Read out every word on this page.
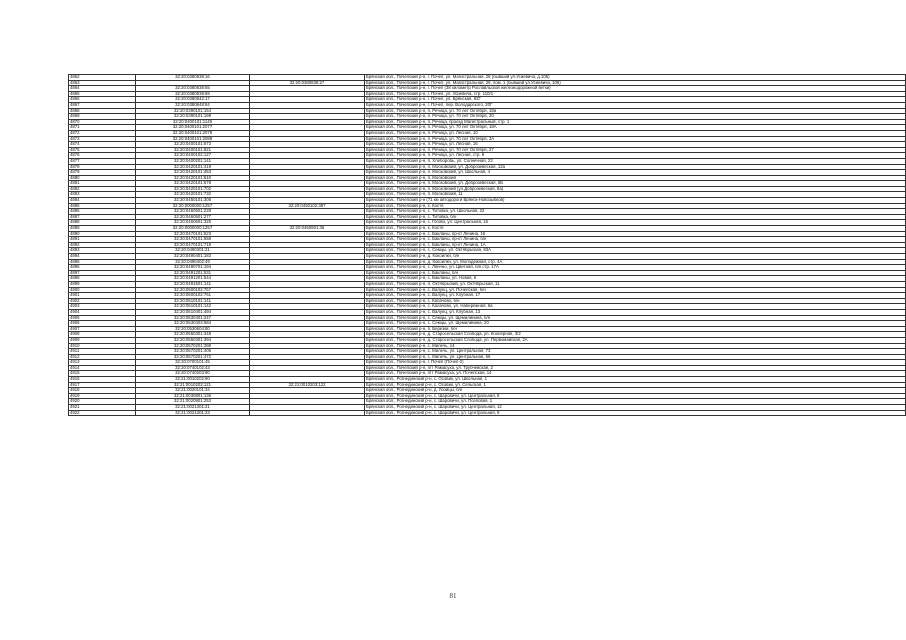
4862	32:20:0380838:16		Брянская обл., Почепский р-н, г. Почеп, ул. Магистральная, 28 (бывший ул.Усиевича, д.106)
4863		32:20:0380838:27	Брянская обл., Почепский р-н, г. Почеп, ул. Магистральная, 28, пом. 1 (бывший ул.Усиевича, 106)
4864	32:20:0380838:65		Брянская обл., Почепский р-н, г. Почеп (38 километр Рославльской железнодорожной ветки)
4865	32:20:0380839:69		Брянская обл., Почепский р-н, г. Почеп, ул. Усиевича, стр. 110/1
4866	32:20:0380842:17		Брянская обл., Почепский р-н, г. Почеп, ул. Брянская, 92Г
4867	32:20:0380848:84		Брянская обл., Почепский р-н, г. Почеп, пер. Володарского, 20Г
4868	32:20:0390101:154		Брянская обл., Почепский р-н, п. Речица, ул. 70 лет Октября, 18а
4869	32:20:0390101:198		Брянская обл., Почепский р-н, п. Речица, ул. 70 лет Октября, 20
4870	32:20:0400101:1149		Брянская обл., Почепский р-н, п. Речица, проезд Магистральный, стр. 1
4871	32:20:0400101:2077		Брянская обл., Почепский р-н, п. Речица, ул. 70 лет Октября, 18А
4872	32:20:0400101:2078		Брянская обл., Почепский р-н, п. Речица, ул. Лесная, 10
4873	32:20:0400101:2088		Брянская обл., Почепский р-н, п. Речица, ул. 70 лет Октября, 3А
4874	32:20:0400101:673		Брянская обл., Почепский р-н, п. Речица, ул. Лесная, 16
4875	32:20:0400101:821		Брянская обл., Почепский р-н, п. Речица, ул. 70 лет Октября, 27
4876	32:20:0400102:127		Брянская обл., Почепский р-н, п. Речица, ул. Лесная, стр. 8
4877	32:20:0400201:141		Брянская обл., Почепский р-н, п. Хлеборобь, ул. Солнечная, 23
4878	32:20:0420101:419		Брянская обл., Почепский р-н, п. Московский, ул. Доброзевеская, 12а
4879	32:20:0420101:453		Брянская обл., Почепский р-н, п. Московский, ул. Школьная, 4
4880	32:20:0420101:510		Брянская обл., Почепский р-н, п. Московский
4881	32:20:0420101:678		Брянская обл., Почепский р-н, п. Московский, ул. Доброзевеская, 5Б
4882	32:20:0420101:702		Брянская обл., Почепский р-н, п. Московский (ул.Доброзевеская, 8а)
4883	32:20:0420101:732		Брянская обл., Почепский р-н, п. Московский, 11
4884	32:20:0450101:308		Брянская обл., Почепский р-н (71 км автодороги Брянск-Новозыбков)
4885	32:20:0000000:1257	32:20:0450102:387	Брянская обл., Почепский р-н, х. Костя
4886	32:20:0460501:228		Брянская обл., Почепский р-н, с. Титовка, ул. Школьная, 22
4887	32:20:0460501:277		Брянская обл., Почепский р-н, с. Титовка, б/н
4888	32:20:0460601:325		Брянская обл., Почепский р-н, с. Гогово, ул. Центральная, 16
4889	32:20:0000000:1257	32:20:0460901:36	Брянская обл., Почепский р-н, х. Костя
4890	32:20:0470101:523		Брянская обл., Почепский р-н, с. Бакланы, пр-кт Ленина, 16
4891	32:20:0470101:658		Брянская обл., Почепский р-н, с. Бакланы, пр-кт Ленина, б/н
4892	32:20:0470101:718		Брянская обл., Почепский р-н, с. Бакланы, пр-кт Ленина, 1А
4893	32:20:0490301:21		Брянская обл., Почепский р-н, с. Семцы, ул. Октябрьская, 83А
4894	32:20:0490401:183		Брянская обл., Почепский р-н, д. Кокоилкн, б/н
4895	32:20:0490402:49		Брянская обл., Почепский р-н, д. Кокоилкн, ул. Молодежная, стр. 4А
4896	32:20:0490701:194		Брянская обл., Почепский р-н, с. Ляично, ул. Цветная, б/н стр. 17А
4897	32:20:0491201:531		Брянская обл., Почепский р-н, с. Бакланы, б/н
4898	32:20:0491201:544		Брянская обл., Почепский р-н, с. Бакланы, ул. Новая, 6
4899	32:20:0491501:141		Брянская обл., Почепский р-н, п. Октябрьский, ул. Октябрьская, 11
4900	32:20:0500102:757		Брянская обл., Почепский р-н, с. Валуец, ул. Почепская, б/н
4901	32:20:0500102:761		Брянская обл., Почепский р-н, с. Валуец, ул. Клубная, 17
4902	32:20:0510101:141		Брянская обл., Почепский р-н, с. Калачово, б/н
4903	32:20:0510101:142		Брянская обл., Почепский р-н, с. Калачово, ул. Набережная, 6а
4904	32:20:0510401:494		Брянская обл., Почепский р-н, с. Валуец, ул. Клубная, 13
4905	32:20:0530401:247		Брянская обл., Почепский р-н, с. Семцы, ул. Щемилинина, б/н
4906	32:20:0530403:584		Брянская обл., Почепский р-н, с. Семцы, ул. Щемилинина, 20
4907	32:20:0530604:80		Брянская обл., Почепский р-н, п. Березки, б/н
4908	32:20:0550301:348		Брянская обл., Почепский р-н, д. Старосельская Слобода, ул. Кооперная, 3/2
4909	32:20:0550301:394		Брянская обл., Почепский р-н, д. Старосельская Слобода, ул. Первомайская, 2А
4910	32:20:0570201:398		Брянская обл., Почепский р-н, с. Милечь, 14
4911	32:20:0570201:405		Брянская обл., Почепский р-н, с. Милечь, ул. Центральная, 73
4912	32:20:0570201:472		Брянская обл., Почепский р-н, с. Милечь, ул. Центральная, 56
4913	32:20:0700101:45		Брянская обл., Почепский р-н, г. Почеп (Почеп-2)
4914	32:20:0740102:43		Брянская обл., Почепский р-н, пгт Рамасуха, ул. Трубчевская, 2
4915	32:20:0740203:90		Брянская обл., Почепский р-н, пгт Рамасуха, ул. Почепская, 14
4916	32:21:0010202:90		Брянская обл., Рогнединский р-н, с. Осовик, ул. Школьная, 1
4917	32:21:0010203:121	32:21:0010203:122	Брянская обл., Рогнединский р-н, с. Осовик, ул. Сельская, 1
4918	32:21:0020101:34		Брянская обл., Рогнединский р-н, д. Лозицы, б/н
4919	32:21:0030801:136		Брянская обл., Рогнединский р-н, с. Шаровичи, ул. Центральная, 8
4920	32:21:0020901:253		Брянская обл., Рогнединский р-н, с. Шаровичи, ул. Псеповая, 1
4921	32:21:0021301:21		Брянская обл., Рогнединский р-н, с. Шаровичи, ул. Центральная, 12
4922	32:21:0021301:23		Брянская обл., Рогнединский р-н, с. Шаровичи, ул. Центральная, 9
81
